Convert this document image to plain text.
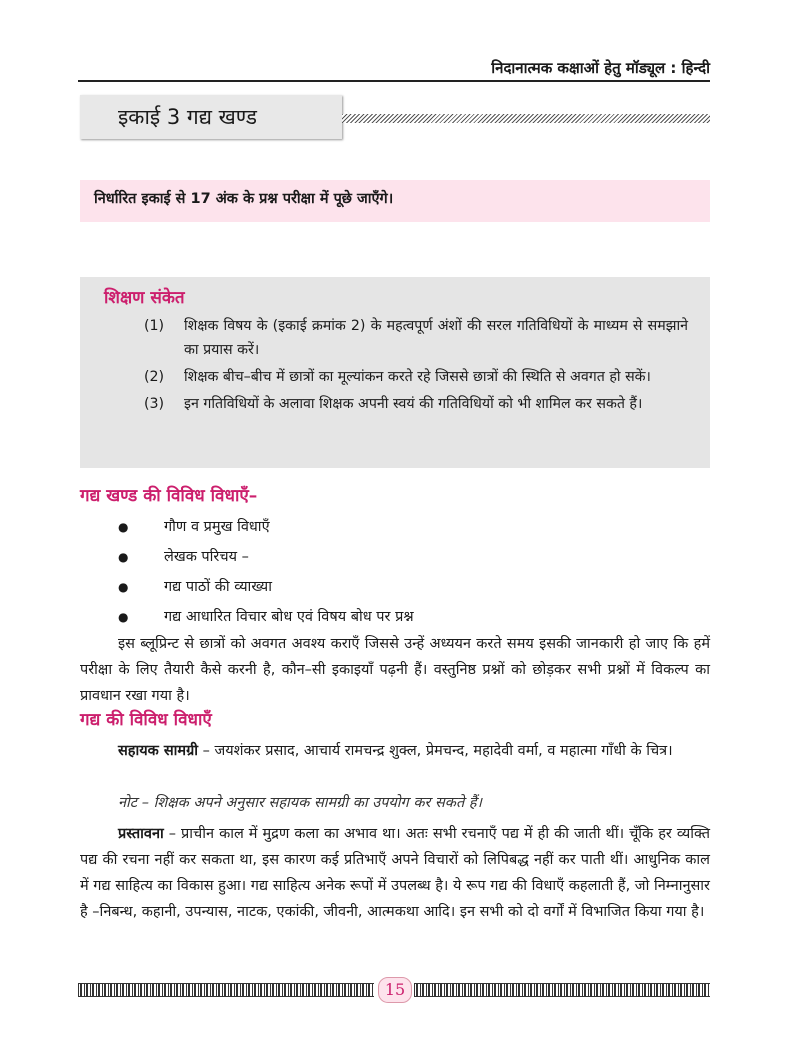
निदानात्मक कक्षाओं हेतु मॉड्यूल : हिन्दी
इकाई 3 गद्य खण्ड
निर्धारित इकाई से 17 अंक के प्रश्न परीक्षा में पूछे जाएँगे।
शिक्षण संकेत
(1)	शिक्षक विषय के (इकाई क्रमांक 2) के महत्वपूर्ण अंशों की सरल गतिविधियों के माध्यम से समझाने का प्रयास करें।
(2)	शिक्षक बीच–बीच में छात्रों का मूल्यांकन करते रहे जिससे छात्रों की स्थिति से अवगत हो सकें।
(3)	इन गतिविधियों के अलावा शिक्षक अपनी स्वयं की गतिविधियों को भी शामिल कर सकते हैं।
गद्य खण्ड की विविध विधाएँ–
●	गौण व प्रमुख विधाएँ
●	लेखक परिचय –
●	गद्य पाठों की व्याख्या
●	गद्य आधारित विचार बोध एवं विषय बोध पर प्रश्न

इस ब्लूप्रिन्ट से छात्रों को अवगत अवश्य कराएँ जिससे उन्हें अध्ययन करते समय इसकी जानकारी हो जाए कि हमें परीक्षा के लिए तैयारी कैसे करनी है, कौन–सी इकाइयाँ पढ़नी हैं। वस्तुनिष्ठ प्रश्नों को छोड़कर सभी प्रश्नों में विकल्प का प्रावधान रखा गया है।

गद्य की विविध विधाएँ

सहायक सामग्री – जयशंकर प्रसाद, आचार्य रामचन्द्र शुक्ल, प्रेमचन्द, महादेवी वर्मा, व महात्मा गाँधी के चित्र।

नोट – शिक्षक अपने अनुसार सहायक सामग्री का उपयोग कर सकते हैं।

प्रस्तावना – प्राचीन काल में मुद्रण कला का अभाव था। अतः सभी रचनाएँ पद्य में ही की जाती थीं। चूँकि हर व्यक्ति पद्य की रचना नहीं कर सकता था, इस कारण कई प्रतिभाएँ अपने विचारों को लिपिबद्ध नहीं कर पाती थीं। आधुनिक काल में गद्य साहित्य का विकास हुआ। गद्य साहित्य अनेक रूपों में उपलब्ध है। ये रूप गद्य की विधाएँ कहलाती हैं, जो निम्नानुसार है –निबन्ध, कहानी, उपन्यास, नाटक, एकांकी, जीवनी, आत्मकथा आदि। इन सभी को दो वर्गों में विभाजित किया गया है।

15
